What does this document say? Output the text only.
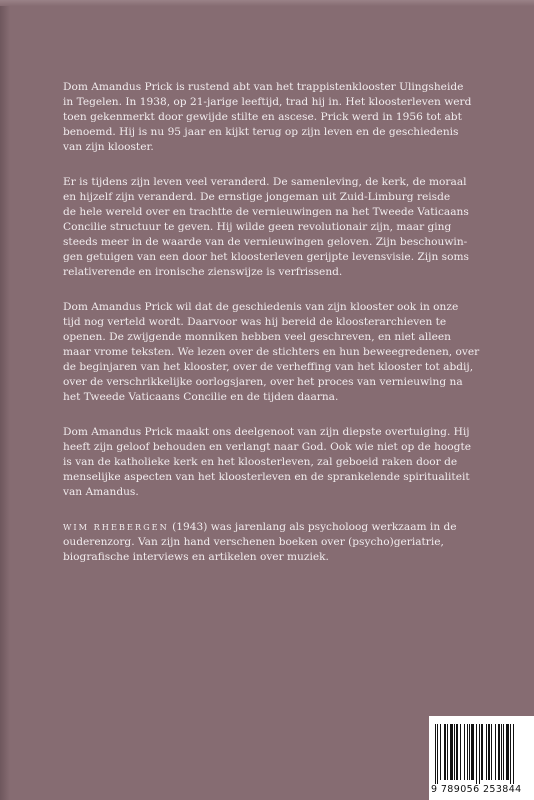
Dom Amandus Prick is rustend abt van het trappistenklooster Ulingsheide
in Tegelen. In 1938, op 21-jarige leeftijd, trad hij in. Het kloosterleven werd
toen gekenmerkt door gewijde stilte en ascese. Prick werd in 1956 tot abt
benoemd. Hij is nu 95 jaar en kijkt terug op zijn leven en de geschiedenis
van zijn klooster.

Er is tijdens zijn leven veel veranderd. De samenleving, de kerk, de moraal
en hijzelf zijn veranderd. De ernstige jongeman uit Zuid-Limburg reisde
de hele wereld over en trachtte de vernieuwingen na het Tweede Vaticaans
Concilie structuur te geven. Hij wilde geen revolutionair zijn, maar ging
steeds meer in de waarde van de vernieuwingen geloven. Zijn beschouwin-
gen getuigen van een door het kloosterleven gerijpte levensvisie. Zijn soms
relativerende en ironische zienswijze is verfrissend.

Dom Amandus Prick wil dat de geschiedenis van zijn klooster ook in onze
tijd nog verteld wordt. Daarvoor was hij bereid de kloosterarchieven te
openen. De zwijgende monniken hebben veel geschreven, en niet alleen
maar vrome teksten. We lezen over de stichters en hun beweegredenen, over
de beginjaren van het klooster, over de verheffing van het klooster tot abdij,
over de verschrikkelijke oorlogsjaren, over het proces van vernieuwing na
het Tweede Vaticaans Concilie en de tijden daarna.

Dom Amandus Prick maakt ons deelgenoot van zijn diepste overtuiging. Hij
heeft zijn geloof behouden en verlangt naar God. Ook wie niet op de hoogte
is van de katholieke kerk en het kloosterleven, zal geboeid raken door de
menselijke aspecten van het kloosterleven en de sprankelende spiritualiteit
van Amandus.

WIM RHEBERGEN (1943) was jarenlang als psycholoog werkzaam in de
ouderenzorg. Van zijn hand verschenen boeken over (psycho)geriatrie,
biografische interviews en artikelen over muziek.

9 789056 253844
